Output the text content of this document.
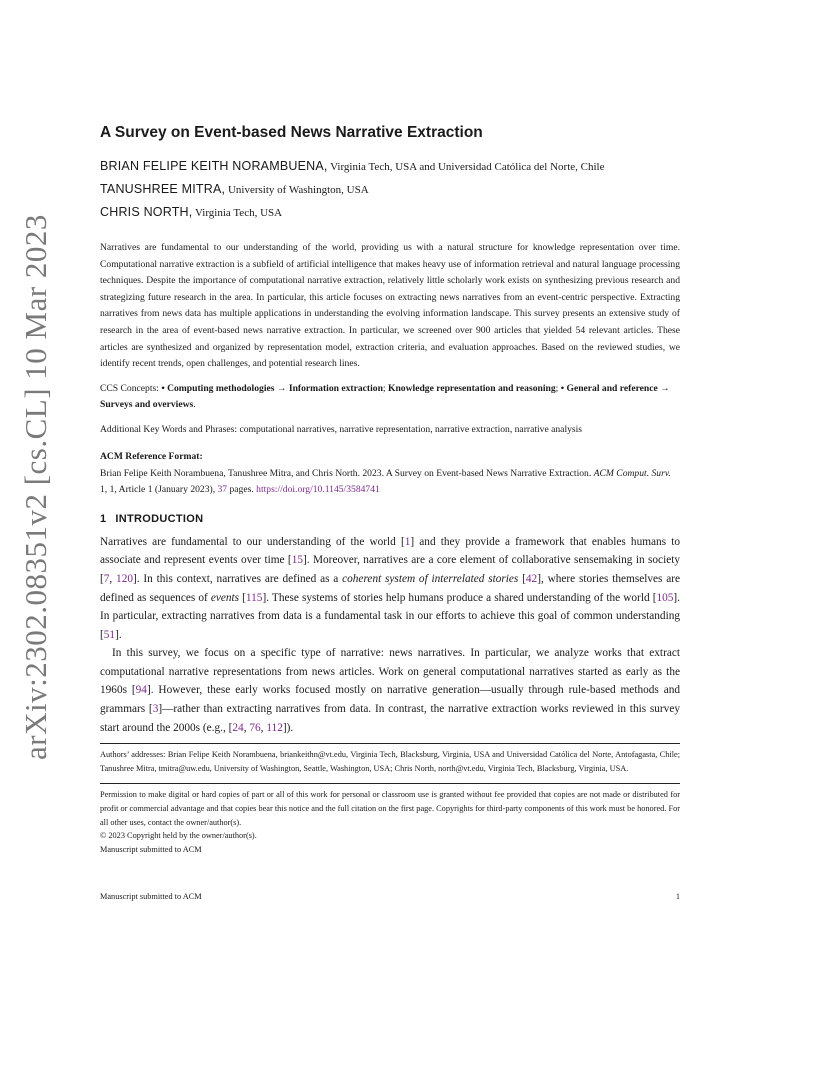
arXiv:2302.08351v2 [cs.CL] 10 Mar 2023
A Survey on Event-based News Narrative Extraction
BRIAN FELIPE KEITH NORAMBUENA, Virginia Tech, USA and Universidad Católica del Norte, Chile
TANUSHREE MITRA, University of Washington, USA
CHRIS NORTH, Virginia Tech, USA

Narratives are fundamental to our understanding of the world, providing us with a natural structure for knowledge representation over time. Computational narrative extraction is a subfield of artificial intelligence that makes heavy use of information retrieval and natural language processing techniques. Despite the importance of computational narrative extraction, relatively little scholarly work exists on synthesizing previous research and strategizing future research in the area. In particular, this article focuses on extracting news narratives from an event-centric perspective. Extracting narratives from news data has multiple applications in understanding the evolving information landscape. This survey presents an extensive study of research in the area of event-based news narrative extraction. In particular, we screened over 900 articles that yielded 54 relevant articles. These articles are synthesized and organized by representation model, extraction criteria, and evaluation approaches. Based on the reviewed studies, we identify recent trends, open challenges, and potential research lines.

CCS Concepts: • Computing methodologies → Information extraction; Knowledge representation and reasoning; • General and reference → Surveys and overviews.

Additional Key Words and Phrases: computational narratives, narrative representation, narrative extraction, narrative analysis

ACM Reference Format:

Brian Felipe Keith Norambuena, Tanushree Mitra, and Chris North. 2023. A Survey on Event-based News Narrative Extraction. ACM Comput. Surv. 1, 1, Article 1 (January 2023), 37 pages. https://doi.org/10.1145/3584741

1 INTRODUCTION

Narratives are fundamental to our understanding of the world [1] and they provide a framework that enables humans to associate and represent events over time [15]. Moreover, narratives are a core element of collaborative sensemaking in society [7, 120]. In this context, narratives are defined as a coherent system of interrelated stories [42], where stories themselves are defined as sequences of events [115]. These systems of stories help humans produce a shared understanding of the world [105]. In particular, extracting narratives from data is a fundamental task in our efforts to achieve this goal of common understanding [51].

In this survey, we focus on a specific type of narrative: news narratives. In particular, we analyze works that extract computational narrative representations from news articles. Work on general computational narratives started as early as the 1960s [94]. However, these early works focused mostly on narrative generation—usually through rule-based methods and grammars [3]—rather than extracting narratives from data. In contrast, the narrative extraction works reviewed in this survey start around the 2000s (e.g., [24, 76, 112]).

Authors’ addresses: Brian Felipe Keith Norambuena, briankeithn@vt.edu, Virginia Tech, Blacksburg, Virginia, USA and Universidad Católica del Norte, Antofagasta, Chile; Tanushree Mitra, tmitra@uw.edu, University of Washington, Seattle, Washington, USA; Chris North, north@vt.edu, Virginia Tech, Blacksburg, Virginia, USA.

Permission to make digital or hard copies of part or all of this work for personal or classroom use is granted without fee provided that copies are not made or distributed for profit or commercial advantage and that copies bear this notice and the full citation on the first page. Copyrights for third-party components of this work must be honored. For all other uses, contact the owner/author(s).

© 2023 Copyright held by the owner/author(s).

Manuscript submitted to ACM

Manuscript submitted to ACM	1
